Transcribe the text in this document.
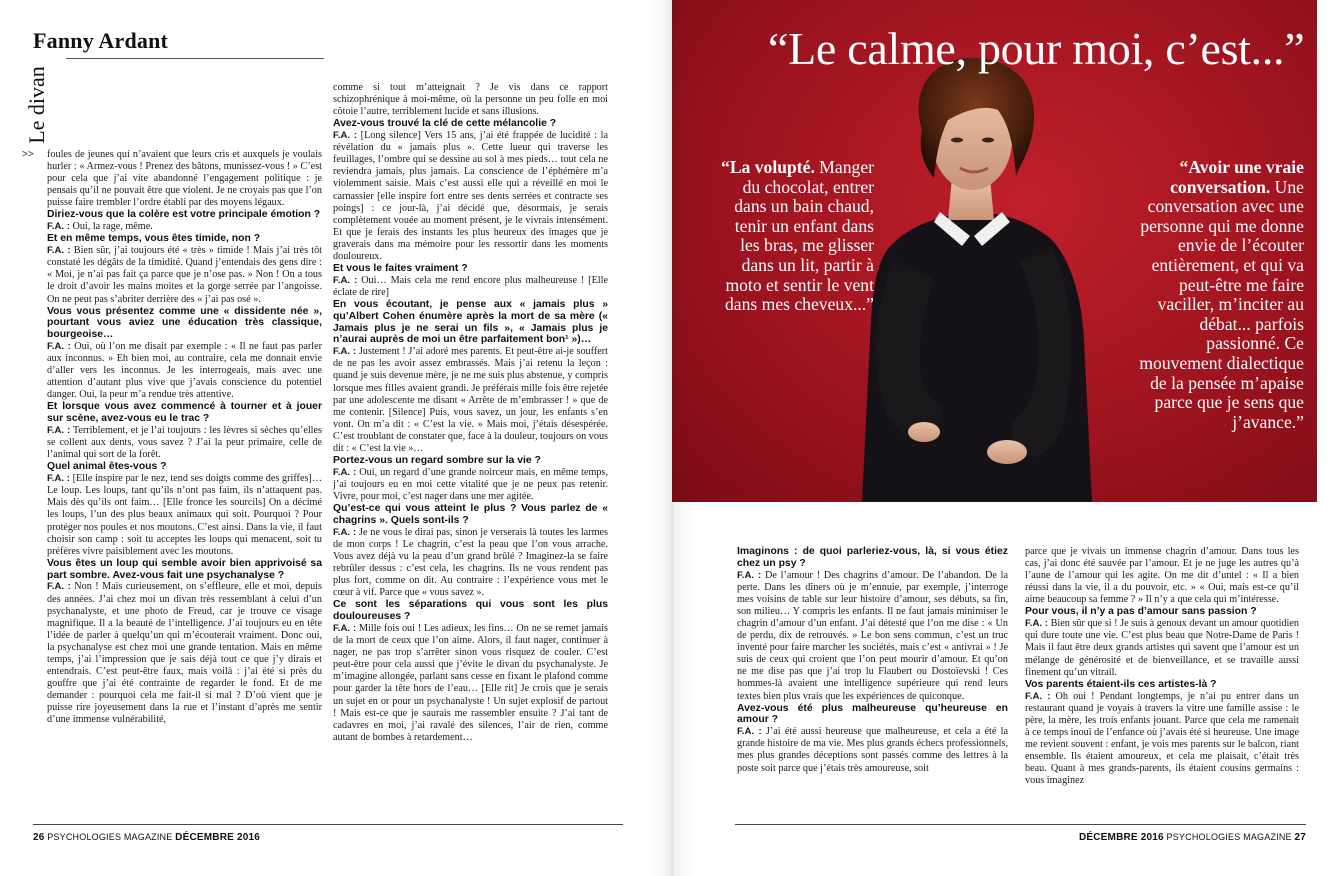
Fanny Ardant
Le divan
>> foules de jeunes qui n’avaient que leurs cris et auxquels je voulais hurler : « Armez-vous ! Prenez des bâtons, munissez-vous ! » C’est pour cela que j’ai vite abandonné l’engagement politique : je pensais qu’il ne pouvait être que violent. Je ne croyais pas que l’on puisse faire trembler l’ordre établi par des moyens légaux.

Diriez-vous que la colère est votre principale émotion ?

F.A. : Oui, la rage, même.

Et en même temps, vous êtes timide, non ?

F.A. : Bien sûr, j’ai toujours été « très » timide ! Mais j’ai très tôt constaté les dégâts de la timidité. Quand j’entendais des gens dire : « Moi, je n’ai pas fait ça parce que je n’ose pas. » Non ! On a tous le droit d’avoir les mains moites et la gorge serrée par l’angoisse. On ne peut pas s’abriter derrière des « j’ai pas osé ».

Vous vous présentez comme une « dissidente née », pourtant vous aviez une éducation très classique, bourgeoise…

F.A. : Oui, où l’on me disait par exemple : « Il ne faut pas parler aux inconnus. » Eh bien moi, au contraire, cela me donnait envie d’aller vers les inconnus. Je les interrogeais, mais avec une attention d’autant plus vive que j’avais conscience du potentiel danger. Oui, la peur m’a rendue très attentive.

Et lorsque vous avez commencé à tourner et à jouer sur scène, avez-vous eu le trac ?

F.A. : Terriblement, et je l’ai toujours : les lèvres si sèches qu’elles se collent aux dents, vous savez ? J’ai la peur primaire, celle de l’animal qui sort de la forêt.

Quel animal êtes-vous ?

F.A. : [Elle inspire par le nez, tend ses doigts comme des griffes]… Le loup. Les loups, tant qu’ils n’ont pas faim, ils n’attaquent pas. Mais dès qu’ils ont faim… [Elle fronce les sourcils] On a décimé les loups, l’un des plus beaux animaux qui soit. Pourquoi ? Pour protéger nos poules et nos moutons. C’est ainsi. Dans la vie, il faut choisir son camp : soit tu acceptes les loups qui menacent, soit tu préfères vivre paisiblement avec les moutons.

Vous êtes un loup qui semble avoir bien apprivoisé sa part sombre. Avez-vous fait une psychanalyse ?

F.A. : Non ! Mais curieusement, on s’effleure, elle et moi, depuis des années. J’ai chez moi un divan très ressemblant à celui d’un psychanalyste, et une photo de Freud, car je trouve ce visage magnifique. Il a la beauté de l’intelligence. J’ai toujours eu en tête l’idée de parler à quelqu’un qui m’écouterait vraiment. Donc oui, la psychanalyse est chez moi une grande tentation. Mais en même temps, j’ai l’impression que je sais déjà tout ce que j’y dirais et entendrais. C’est peut-être faux, mais voilà : j’ai été si près du gouffre que j’ai été contrainte de regarder le fond. Et de me demander : pourquoi cela me fait-il si mal ? D’où vient que je puisse rire joyeusement dans la rue et l’instant d’après me sentir d’une immense vulnérabilité,

comme si tout m’atteignait ? Je vis dans ce rapport schizophrénique à moi-même, où la personne un peu folle en moi côtoie l’autre, terriblement lucide et sans illusions.

Avez-vous trouvé la clé de cette mélancolie ?

F.A. : [Long silence] Vers 15 ans, j’ai été frappée de lucidité : la révélation du « jamais plus ». Cette lueur qui traverse les feuillages, l’ombre qui se dessine au sol à mes pieds… tout cela ne reviendra jamais, plus jamais. La conscience de l’éphémère m’a violemment saisie. Mais c’est aussi elle qui a réveillé en moi le carnassier [elle inspire fort entre ses dents serrées et contracte ses poings] : ce jour-là, j’ai décidé que, désormais, je serais complètement vouée au moment présent, je le vivrais intensément. Et que je ferais des instants les plus heureux des images que je graverais dans ma mémoire pour les ressortir dans les moments douloureux.

Et vous le faites vraiment ?

F.A. : Oui… Mais cela me rend encore plus malheureuse ! [Elle éclate de rire]

En vous écoutant, je pense aux « jamais plus » qu’Albert Cohen énumère après la mort de sa mère (« Jamais plus je ne serai un fils », « Jamais plus je n’aurai auprès de moi un être parfaitement bon¹ »)…

F.A. : Justement ! J’ai adoré mes parents. Et peut-être ai-je souffert de ne pas les avoir assez embrassés. Mais j’ai retenu la leçon : quand je suis devenue mère, je ne me suis plus abstenue, y compris lorsque mes filles avaient grandi. Je préférais mille fois être rejetée par une adolescente me disant « Arrête de m’embrasser ! » que de me contenir. [Silence] Puis, vous savez, un jour, les enfants s’en vont. On m’a dit : « C’est la vie. » Mais moi, j’étais désespérée. C’est troublant de constater que, face à la douleur, toujours on vous dit : « C’est la vie »…

Portez-vous un regard sombre sur la vie ?

F.A. : Oui, un regard d’une grande noirceur mais, en même temps, j’ai toujours eu en moi cette vitalité que je ne peux pas retenir. Vivre, pour moi, c’est nager dans une mer agitée.

Qu’est-ce qui vous atteint le plus ? Vous parlez de « chagrins ». Quels sont-ils ?

F.A. : Je ne vous le dirai pas, sinon je verserais là toutes les larmes de mon corps ! Le chagrin, c’est la peau que l’on vous arrache. Vous avez déjà vu la peau d’un grand brûlé ? Imaginez-la se faire rebrûler dessus : c’est cela, les chagrins. Ils ne vous rendent pas plus fort, comme on dit. Au contraire : l’expérience vous met le cœur à vif. Parce que « vous savez ».

Ce sont les séparations qui vous sont les plus douloureuses ?

F.A. : Mille fois oui ! Les adieux, les fins… On ne se remet jamais de la mort de ceux que l’on aime. Alors, il faut nager, continuer à nager, ne pas trop s’arrêter sinon vous risquez de couler. C’est peut-être pour cela aussi que j’évite le divan du psychanalyste. Je m’imagine allongée, parlant sans cesse en fixant le plafond comme pour garder la tête hors de l’eau… [Elle rit] Je crois que je serais un sujet en or pour un psychanalyste ! Un sujet explosif de partout ! Mais est-ce que je saurais me rassembler ensuite ? J’ai tant de cadavres en moi, j’ai ravalé des silences, l’air de rien, comme autant de bombes à retardement…

26 PSYCHOLOGIES MAGAZINE DÉCEMBRE 2016
“Le calme, pour moi, c’est...”
“La volupté. Manger du chocolat, entrer dans un bain chaud, tenir un enfant dans les bras, me glisser dans un lit, partir à moto et sentir le vent dans mes cheveux...”
“Avoir une vraie conversation. Une conversation avec une personne qui me donne envie de l’écouter entièrement, et qui va peut-être me faire vaciller, m’inciter au débat... parfois passionné. Ce mouvement dialectique de la pensée m’apaise parce que je sens que j’avance.”

Imaginons : de quoi parleriez-vous, là, si vous étiez chez un psy ?

F.A. : De l’amour ! Des chagrins d’amour. De l’abandon. De la perte. Dans les dîners où je m’ennuie, par exemple, j’interroge mes voisins de table sur leur histoire d’amour, ses débuts, sa fin, son milieu… Y compris les enfants. Il ne faut jamais minimiser le chagrin d’amour d’un enfant. J’ai détesté que l’on me dise : « Un de perdu, dix de retrouvés. » Le bon sens commun, c’est un truc inventé pour faire marcher les sociétés, mais c’est « antivrai » ! Je suis de ceux qui croient que l’on peut mourir d’amour. Et qu’on ne me dise pas que j’ai trop lu Flaubert ou Dostoïevski ! Ces hommes-là avaient une intelligence supérieure qui rend leurs textes bien plus vrais que les expériences de quiconque.

Avez-vous été plus malheureuse qu’heureuse en amour ?

F.A. : J’ai été aussi heureuse que malheureuse, et cela a été la grande histoire de ma vie. Mes plus grands échecs professionnels, mes plus grandes déceptions sont passés comme des lettres à la poste soit parce que j’étais très amoureuse, soit

parce que je vivais un immense chagrin d’amour. Dans tous les cas, j’ai donc été sauvée par l’amour. Et je ne juge les autres qu’à l’aune de l’amour qui les agite. On me dit d’untel : « Il a bien réussi dans la vie, il a du pouvoir, etc. » « Oui, mais est-ce qu’il aime beaucoup sa femme ? » Il n’y a que cela qui m’intéresse.

Pour vous, il n’y a pas d’amour sans passion ?

F.A. : Bien sûr que si ! Je suis à genoux devant un amour quotidien qui dure toute une vie. C’est plus beau que Notre-Dame de Paris ! Mais il faut être deux grands artistes qui savent que l’amour est un mélange de générosité et de bienveillance, et se travaille aussi finement qu’un vitrail.

Vos parents étaient-ils ces artistes-là ?

F.A. : Oh oui ! Pendant longtemps, je n’ai pu entrer dans un restaurant quand je voyais à travers la vitre une famille assise : le père, la mère, les trois enfants jouant. Parce que cela me ramenait à ce temps inouï de l’enfance où j’avais été si heureuse. Une image me revient souvent : enfant, je vois mes parents sur le balcon, riant ensemble. Ils étaient amoureux, et cela me plaisait, c’était très beau. Quant à mes grands-parents, ils étaient cousins germains : vous imaginez

DÉCEMBRE 2016 PSYCHOLOGIES MAGAZINE 27
